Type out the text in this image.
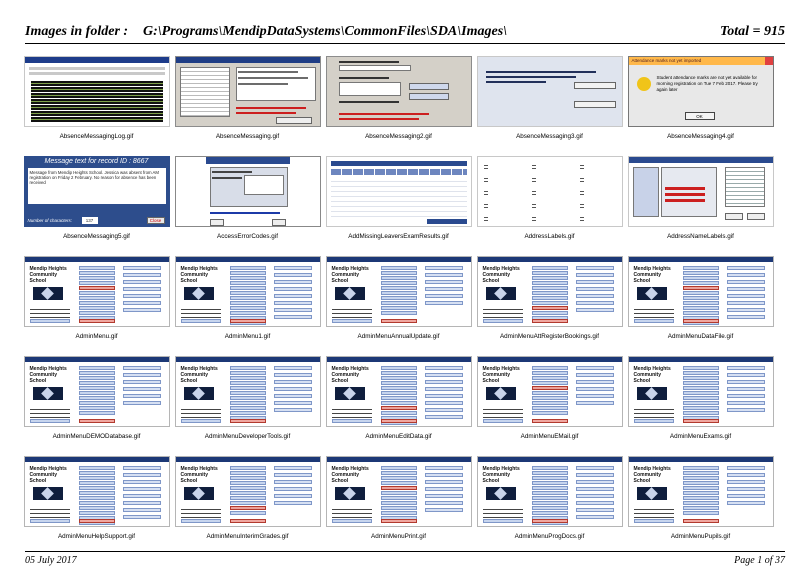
Images in folder :	G:\Programs\MendipDataSystems\CommonFiles\SDA\Images\	Total = 915
AbsenceMessagingLog.gif	AbsenceMessaging.gif	AbsenceMessaging2.gif	AbsenceMessaging3.gif
Attendance marks not yet imported
Student attendance marks are not yet available for morning registration on Tue 7 Feb 2017. Please try again later
OK
AbsenceMessaging4.gif
Message text for record ID : 8667
Message from Mendip Heights School. Jessica was absent from AM registration on Friday 2 February. No reason for absence has been received
Number of characters:	137	Close
AbsenceMessaging5.gif	AccessErrorCodes.gif	AddMissingLeaversExamResults.gif	AddressLabels.gif	AddressNameLabels.gif
Mendip Heights Community School
AdminMenu.gif
Mendip Heights Community School
AdminMenu1.gif
Mendip Heights Community School
AdminMenuAnnualUpdate.gif
Mendip Heights Community School
AdminMenuAttRegisterBookings.gif
Mendip Heights Community School
AdminMenuDataFile.gif
Mendip Heights Community School
AdminMenuDEMODatabase.gif
Mendip Heights Community School
AdminMenuDeveloperTools.gif
Mendip Heights Community School
AdminMenuEditData.gif
Mendip Heights Community School
AdminMenuEMail.gif
Mendip Heights Community School
AdminMenuExams.gif
Mendip Heights Community School
AdminMenuHelpSupport.gif
Mendip Heights Community School
AdminMenuInterimGrades.gif
Mendip Heights Community School
AdminMenuPrint.gif
Mendip Heights Community School
AdminMenuProgDocs.gif
Mendip Heights Community School
AdminMenuPupils.gif
05 July 2017	Page 1 of 37
